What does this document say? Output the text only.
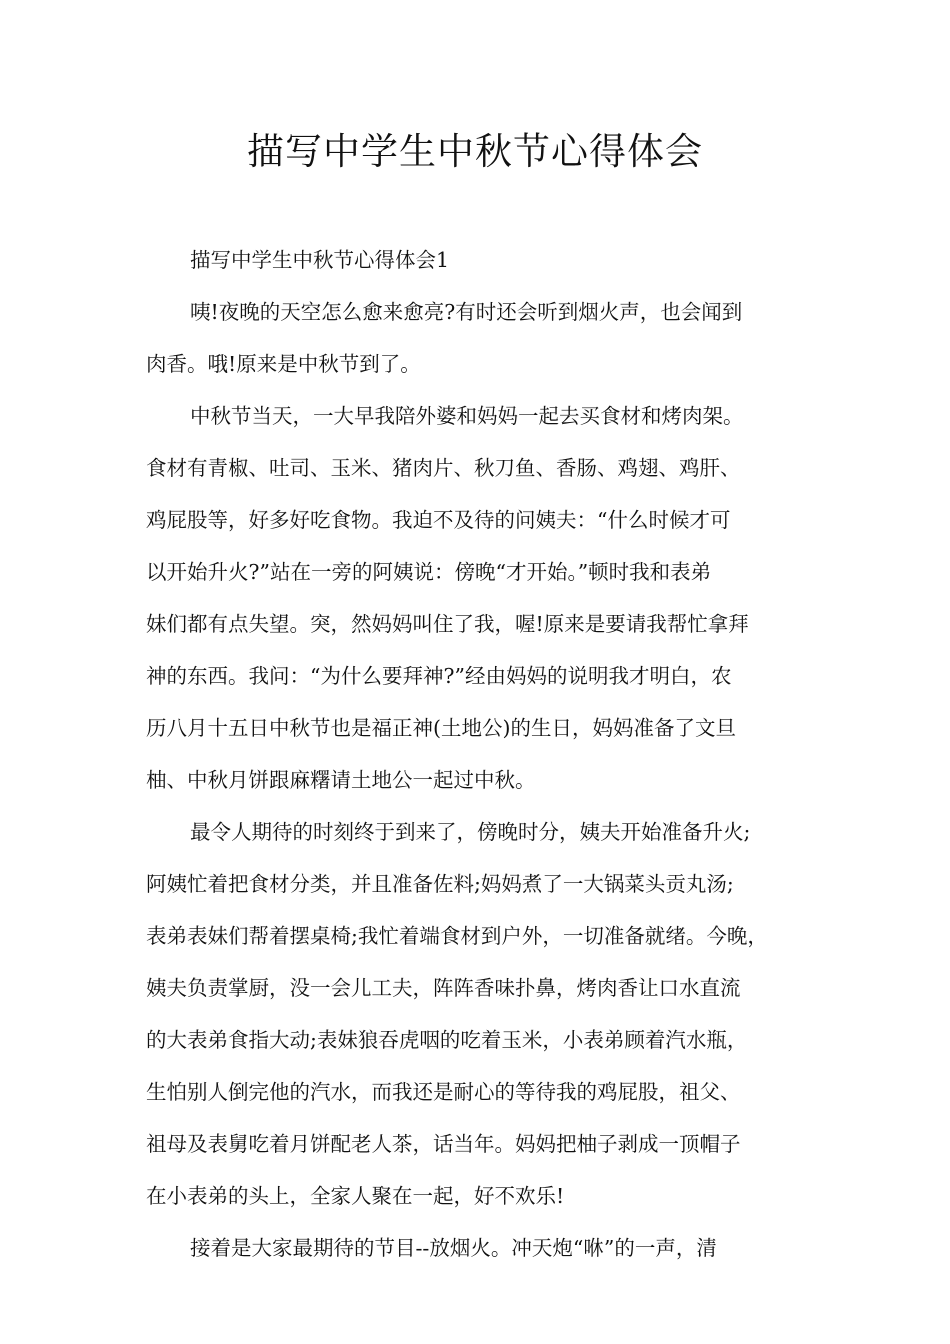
描写中学生中秋节心得体会
描写中学生中秋节心得体会1
咦!夜晚的天空怎么愈来愈亮?有时还会听到烟火声，也会闻到
肉香。哦!原来是中秋节到了。
中秋节当天，一大早我陪外婆和妈妈一起去买食材和烤肉架。
食材有青椒、吐司、玉米、猪肉片、秋刀鱼、香肠、鸡翅、鸡肝、
鸡屁股等，好多好吃食物。我迫不及待的问姨夫：“什么时候才可
以开始升火?”站在一旁的阿姨说：傍晚“才开始。”顿时我和表弟
妹们都有点失望。突，然妈妈叫住了我，喔!原来是要请我帮忙拿拜
神的东西。我问：“为什么要拜神?”经由妈妈的说明我才明白，农
历八月十五日中秋节也是福正神(土地公)的生日，妈妈准备了文旦
柚、中秋月饼跟麻糬请土地公一起过中秋。
最令人期待的时刻终于到来了，傍晚时分，姨夫开始准备升火;
阿姨忙着把食材分类，并且准备佐料;妈妈煮了一大锅菜头贡丸汤;
表弟表妹们帮着摆桌椅;我忙着端食材到户外，一切准备就绪。今晚，
姨夫负责掌厨，没一会儿工夫，阵阵香味扑鼻，烤肉香让口水直流
的大表弟食指大动;表妹狼吞虎咽的吃着玉米，小表弟顾着汽水瓶，
生怕别人倒完他的汽水，而我还是耐心的等待我的鸡屁股，祖父、
祖母及表舅吃着月饼配老人茶，话当年。妈妈把柚子剥成一顶帽子
在小表弟的头上，全家人聚在一起，好不欢乐!
接着是大家最期待的节目--放烟火。冲天炮“咻”的一声，清
